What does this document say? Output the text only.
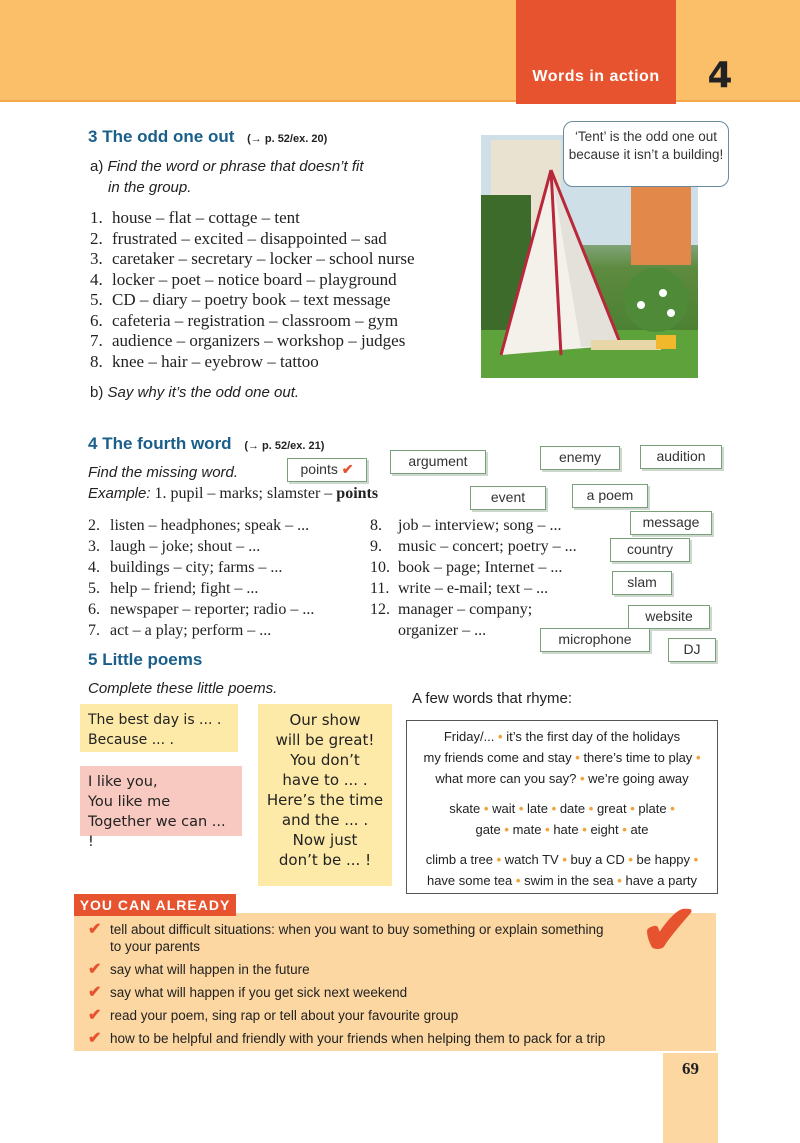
Words in action	4
3 The odd one out (→ p. 52/ex. 20)
a) Find the word or phrase that doesn’t fit
in the group.
1. house – flat – cottage – tent
2. frustrated – excited – disappointed – sad
3. caretaker – secretary – locker – school nurse
4. locker – poet – notice board – playground
5. CD – diary – poetry book – text message
6. cafeteria – registration – classroom – gym
7. audience – organizers – workshop – judges
8. knee – hair – eyebrow – tattoo
b) Say why it’s the odd one out.
‘Tent’ is the odd one out because it isn’t a building!
4 The fourth word (→ p. 52/ex. 21)
Find the missing word.
Example: 1. pupil – marks; slamster – points
2. listen – headphones; speak – ...
3. laugh – joke; shout – ...
4. buildings – city; farms – ...
5. help – friend; fight – ...
6. newspaper – reporter; radio – ...
7. act – a play; perform – ...
8. job – interview; song – ...
9. music – concert; poetry – ...
10. book – page; Internet – ...
11. write – e-mail; text – ...
12. manager – company;
organizer – ...
points ✔	argument	enemy	audition
event	a poem
message
country
slam
website
microphone
DJ
5 Little poems
Complete these little poems.
The best day is ... .
Because ... .
I like you,
You like me
Together we can ... !
Our show
will be great!
You don’t
have to ... .
Here’s the time
and the ... .
Now just
don’t be ... !
A few words that rhyme:

Friday/... • it’s the first day of the holidays

my friends come and stay • there’s time to play •

what more can you say? • we’re going away

skate • wait • late • date • great • plate •

gate • mate • hate • eight • ate

climb a tree • watch TV • buy a CD • be happy •

have some tea • swim in the sea • have a party

YOU CAN ALREADY	✔
✔ tell about difficult situations: when you want to buy something or explain something to your parents
✔ say what will happen in the future
✔ say what will happen if you get sick next weekend
✔ read your poem, sing rap or tell about your favourite group
✔ how to be helpful and friendly with your friends when helping them to pack for a trip
69
